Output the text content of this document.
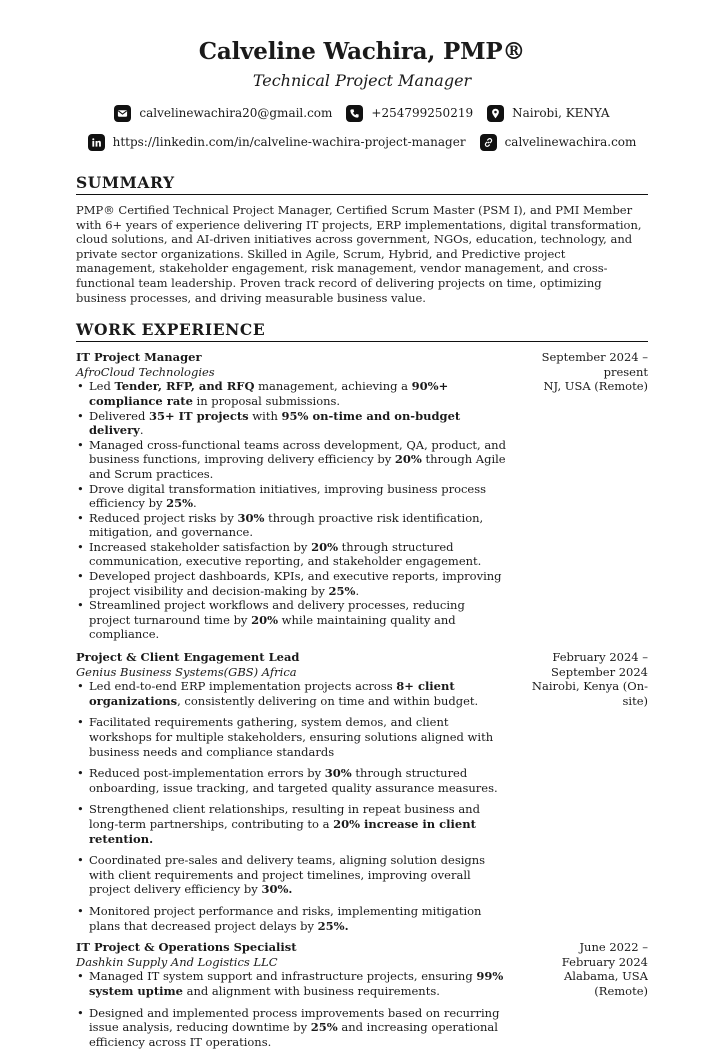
Calveline Wachira, PMP®
Technical Project Manager
calvelinewachira20@gmail.com	+254799250219	Nairobi, KENYA
https://linkedin.com/in/calveline-wachira-project-manager	calvelinewachira.com
SUMMARY
PMP® Certified Technical Project Manager, Certified Scrum Master (PSM I), and PMI Member with 6+ years of experience delivering IT projects, ERP implementations, digital transformation, cloud solutions, and AI-driven initiatives across government, NGOs, education, technology, and private sector organizations. Skilled in Agile, Scrum, Hybrid, and Predictive project management, stakeholder engagement, risk management, vendor management, and cross-functional team leadership. Proven track record of delivering projects on time, optimizing business processes, and driving measurable business value.
WORK EXPERIENCE
September 2024 – present
NJ, USA (Remote)
IT Project Manager
AfroCloud Technologies
• Led Tender, RFP, and RFQ management, achieving a 90%+ compliance rate in proposal submissions.
• Delivered 35+ IT projects with 95% on-time and on-budget delivery.
• Managed cross-functional teams across development, QA, product, and business functions, improving delivery efficiency by 20% through Agile and Scrum practices.
• Drove digital transformation initiatives, improving business process efficiency by 25%.
• Reduced project risks by 30% through proactive risk identification, mitigation, and governance.
• Increased stakeholder satisfaction by 20% through structured communication, executive reporting, and stakeholder engagement.
• Developed project dashboards, KPIs, and executive reports, improving project visibility and decision-making by 25%.
• Streamlined project workflows and delivery processes, reducing project turnaround time by 20% while maintaining quality and compliance.
February 2024 – September 2024
Nairobi, Kenya (On-site)
Project & Client Engagement Lead
Genius Business Systems(GBS) Africa
• Led end-to-end ERP implementation projects across 8+ client organizations, consistently delivering on time and within budget.
• Facilitated requirements gathering, system demos, and client workshops for multiple stakeholders, ensuring solutions aligned with business needs and compliance standards
• Reduced post-implementation errors by 30% through structured onboarding, issue tracking, and targeted quality assurance measures.
• Strengthened client relationships, resulting in repeat business and long-term partnerships, contributing to a 20% increase in client retention.
• Coordinated pre-sales and delivery teams, aligning solution designs with client requirements and project timelines, improving overall project delivery efficiency by 30%.
• Monitored project performance and risks, implementing mitigation plans that decreased project delays by 25%.
June 2022 – February 2024
Alabama, USA (Remote)
IT Project & Operations Specialist
Dashkin Supply And Logistics LLC
• Managed IT system support and infrastructure projects, ensuring 99% system uptime and alignment with business requirements.
• Designed and implemented process improvements based on recurring issue analysis, reducing downtime by 25% and increasing operational efficiency across IT operations.
